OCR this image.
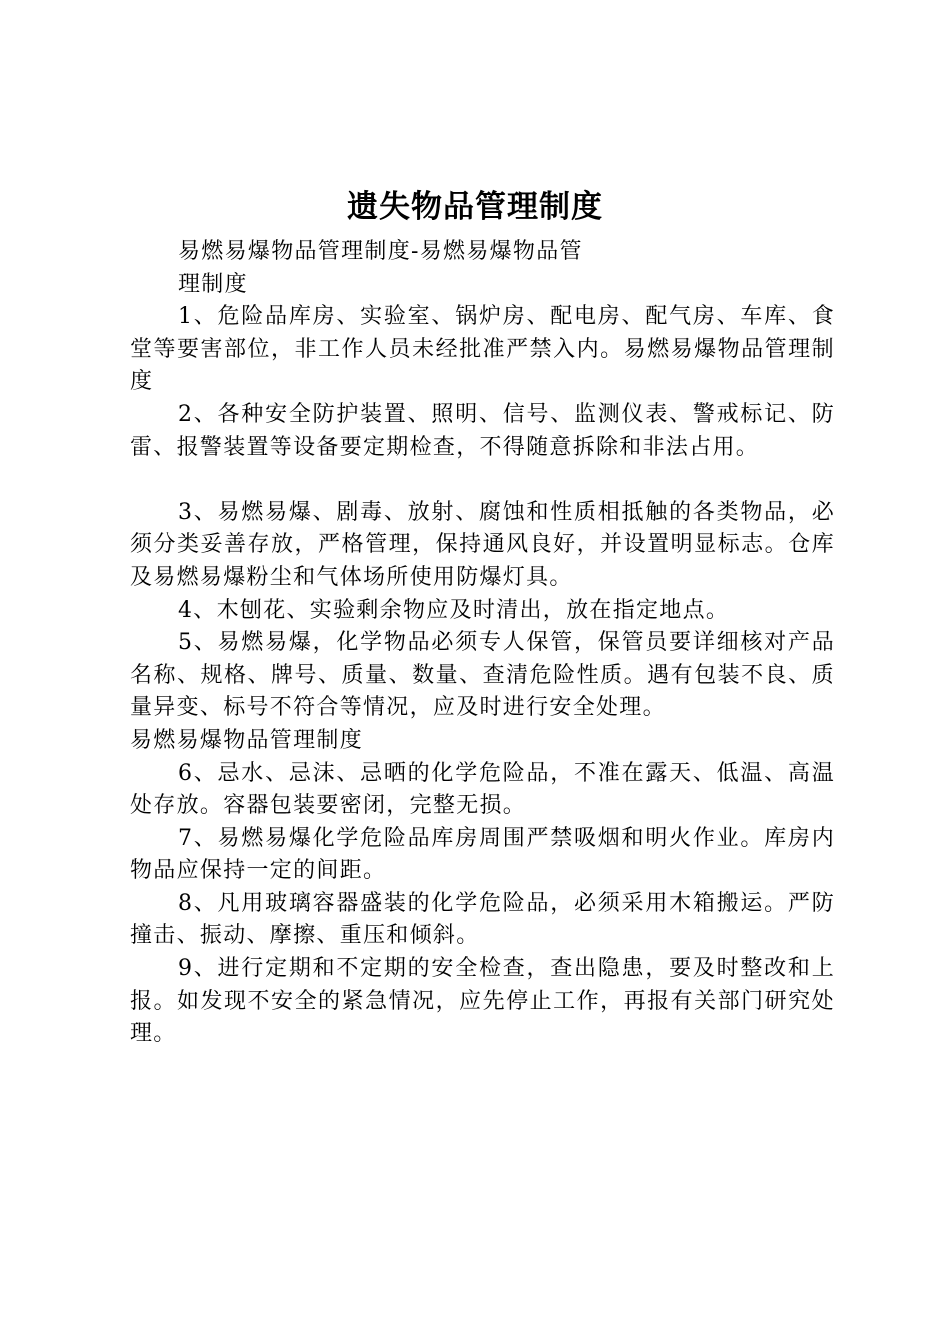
遗失物品管理制度

易燃易爆物品管理制度-易燃易爆物品管理制度

1、危险品库房、实验室、锅炉房、配电房、配气房、车库、食堂等要害部位，非工作人员未经批准严禁入内。易燃易爆物品管理制度

2、各种安全防护装置、照明、信号、监测仪表、警戒标记、防雷、报警装置等设备要定期检查，不得随意拆除和非法占用。

3、易燃易爆、剧毒、放射、腐蚀和性质相抵触的各类物品，必须分类妥善存放，严格管理，保持通风良好，并设置明显标志。仓库及易燃易爆粉尘和气体场所使用防爆灯具。

4、木刨花、实验剩余物应及时清出，放在指定地点。

5、易燃易爆，化学物品必须专人保管，保管员要详细核对产品名称、规格、牌号、质量、数量、查清危险性质。遇有包装不良、质量异变、标号不符合等情况，应及时进行安全处理。

易燃易爆物品管理制度

6、忌水、忌沫、忌晒的化学危险品，不准在露天、低温、高温处存放。容器包装要密闭，完整无损。

7、易燃易爆化学危险品库房周围严禁吸烟和明火作业。库房内物品应保持一定的间距。

8、凡用玻璃容器盛装的化学危险品，必须采用木箱搬运。严防撞击、振动、摩擦、重压和倾斜。

9、进行定期和不定期的安全检查，查出隐患，要及时整改和上报。如发现不安全的紧急情况，应先停止工作，再报有关部门研究处理。
